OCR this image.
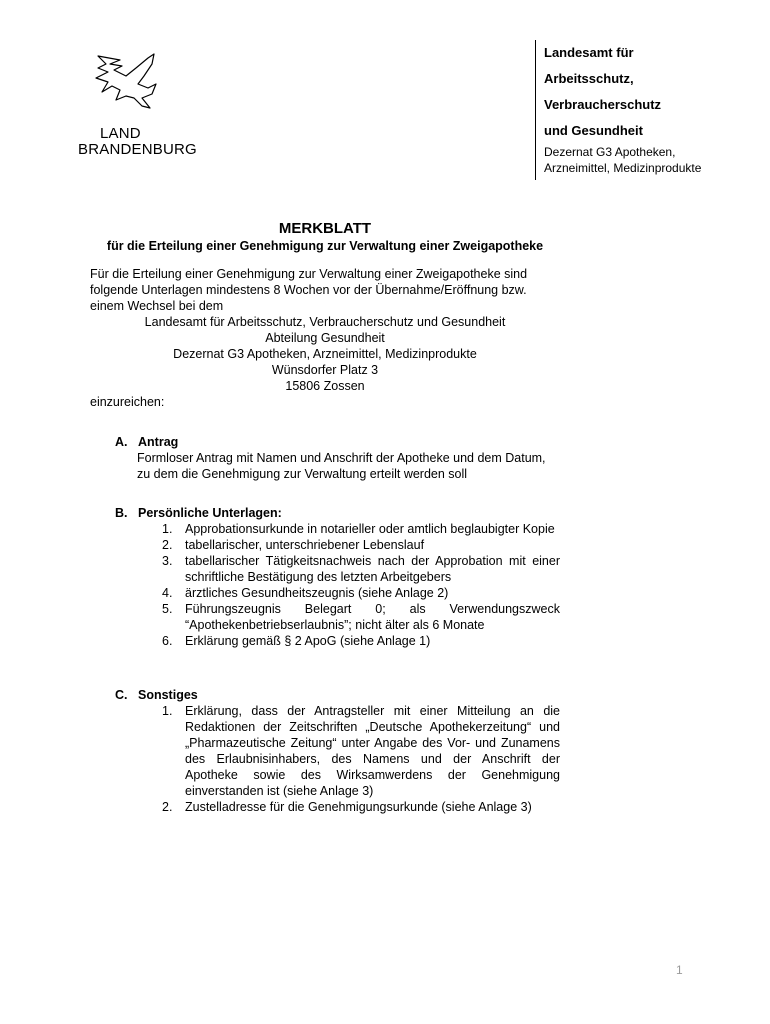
LAND
BRANDENBURG
Landesamt für
Arbeitsschutz,
Verbraucherschutz
und Gesundheit
Dezernat G3 Apotheken,
Arzneimittel, Medizinprodukte
MERKBLATT
für die Erteilung einer Genehmigung zur Verwaltung einer Zweigapotheke

Für die Erteilung einer Genehmigung zur Verwaltung einer Zweigapotheke sind folgende Unterlagen mindestens 8 Wochen vor der Übernahme/Eröffnung bzw. einem Wechsel bei dem

Landesamt für Arbeitsschutz, Verbraucherschutz und Gesundheit
Abteilung Gesundheit
Dezernat G3 Apotheken, Arzneimittel, Medizinprodukte
Wünsdorfer Platz 3
15806 Zossen

einzureichen:

A. Antrag
Formloser Antrag mit Namen und Anschrift der Apotheke und dem Datum, zu dem die Genehmigung zur Verwaltung erteilt werden soll
B. Persönliche Unterlagen:
1.	Approbationsurkunde in notarieller oder amtlich beglaubigter Kopie
2.	tabellarischer, unterschriebener Lebenslauf
3.	tabellarischer Tätigkeitsnachweis nach der Approbation mit einer schriftliche Bestätigung des letzten Arbeitgebers
4.	ärztliches Gesundheitszeugnis (siehe Anlage 2)
5.	Führungszeugnis Belegart 0; als Verwendungszweck “Apothekenbetriebserlaubnis”; nicht älter als 6 Monate
6.	Erklärung gemäß § 2 ApoG (siehe Anlage 1)
C. Sonstiges
1.	Erklärung, dass der Antragsteller mit einer Mitteilung an die Redaktionen der Zeitschriften „Deutsche Apothekerzeitung“ und „Pharmazeutische Zeitung“ unter Angabe des Vor- und Zunamens des Erlaubnisinhabers, des Namens und der Anschrift der Apotheke sowie des Wirksamwerdens der Genehmigung einverstanden ist (siehe Anlage 3)
2.	Zustelladresse für die Genehmigungsurkunde (siehe Anlage 3)
1
